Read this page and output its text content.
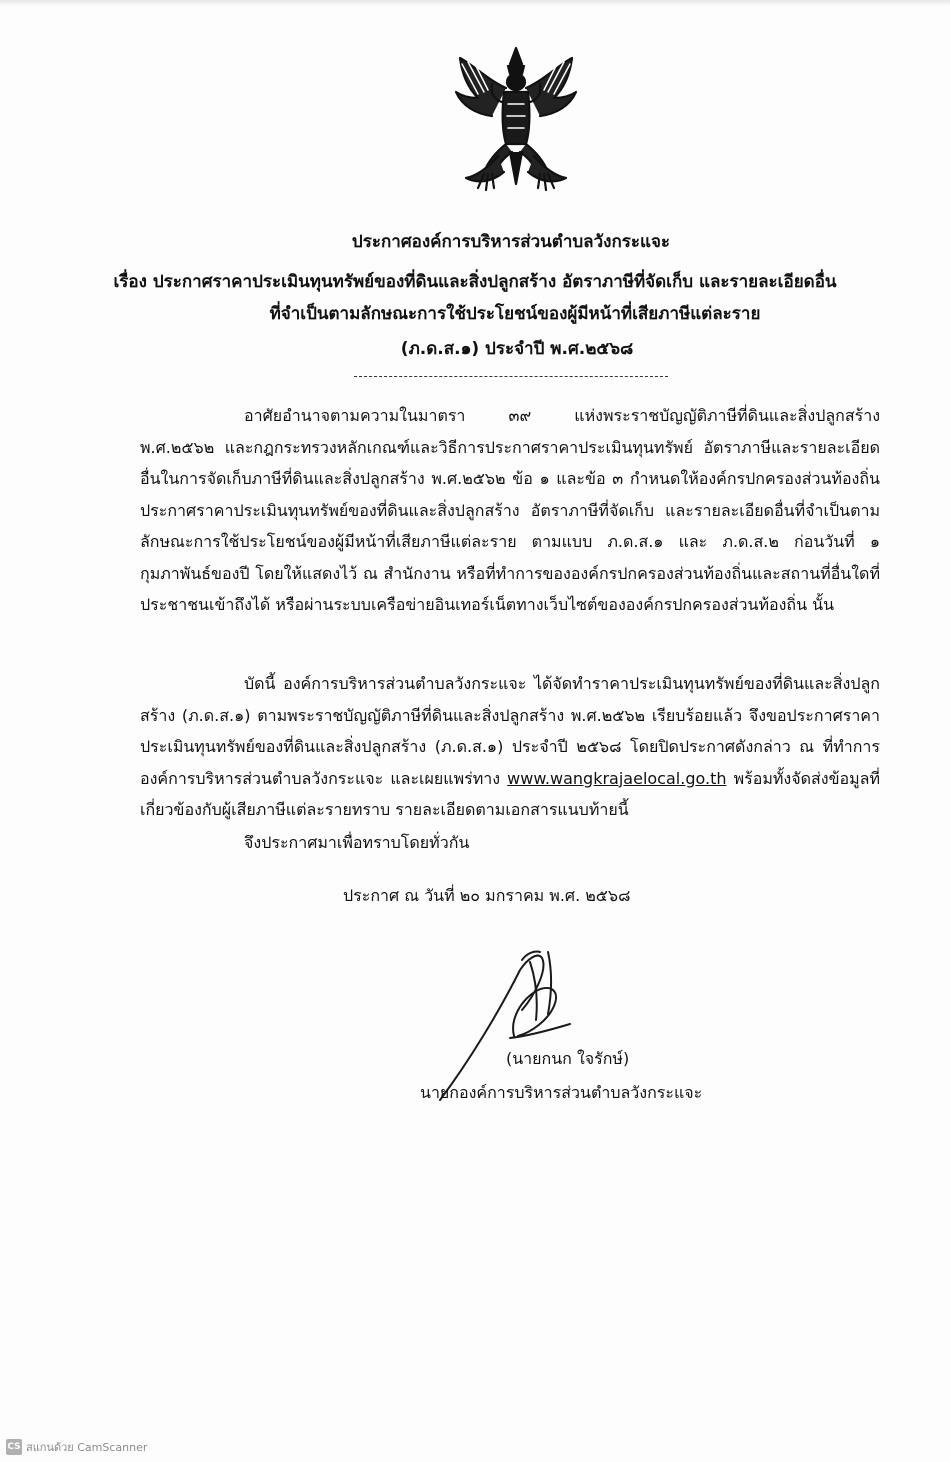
ประกาศองค์การบริหารส่วนตำบลวังกระแจะ
เรื่อง ประกาศราคาประเมินทุนทรัพย์ของที่ดินและสิ่งปลูกสร้าง อัตราภาษีที่จัดเก็บ และรายละเอียดอื่น
ที่จำเป็นตามลักษณะการใช้ประโยชน์ของผู้มีหน้าที่เสียภาษีแต่ละราย
(ภ.ด.ส.๑) ประจำปี พ.ศ.๒๕๖๘
อาศัยอำนาจตามความในมาตรา ๓๙ แห่งพระราชบัญญัติภาษีที่ดินและสิ่งปลูกสร้าง พ.ศ.๒๕๖๒ และกฎกระทรวงหลักเกณฑ์และวิธีการประกาศราคาประเมินทุนทรัพย์ อัตราภาษีและรายละเอียดอื่นในการจัดเก็บภาษีที่ดินและสิ่งปลูกสร้าง พ.ศ.๒๕๖๒ ข้อ ๑ และข้อ ๓ กำหนดให้องค์กรปกครองส่วนท้องถิ่น ประกาศราคาประเมินทุนทรัพย์ของที่ดินและสิ่งปลูกสร้าง อัตราภาษีที่จัดเก็บ และรายละเอียดอื่นที่จำเป็นตามลักษณะการใช้ประโยชน์ของผู้มีหน้าที่เสียภาษีแต่ละราย ตามแบบ ภ.ด.ส.๑ และ ภ.ด.ส.๒ ก่อนวันที่ ๑ กุมภาพันธ์ของปี โดยให้แสดงไว้ ณ สำนักงาน หรือที่ทำการขององค์กรปกครองส่วนท้องถิ่นและสถานที่อื่นใดที่ประชาชนเข้าถึงได้ หรือผ่านระบบเครือข่ายอินเทอร์เน็ตทางเว็บไซต์ขององค์กรปกครองส่วนท้องถิ่น นั้น
บัดนี้ องค์การบริหารส่วนตำบลวังกระแจะ ได้จัดทำราคาประเมินทุนทรัพย์ของที่ดินและสิ่งปลูกสร้าง (ภ.ด.ส.๑) ตามพระราชบัญญัติภาษีที่ดินและสิ่งปลูกสร้าง พ.ศ.๒๕๖๒ เรียบร้อยแล้ว จึงขอประกาศราคาประเมินทุนทรัพย์ของที่ดินและสิ่งปลูกสร้าง (ภ.ด.ส.๑) ประจำปี ๒๕๖๘ โดยปิดประกาศดังกล่าว ณ ที่ทำการองค์การบริหารส่วนตำบลวังกระแจะ และเผยแพร่ทาง www.wangkrajaelocal.go.th พร้อมทั้งจัดส่งข้อมูลที่เกี่ยวข้องกับผู้เสียภาษีแต่ละรายทราบ รายละเอียดตามเอกสารแนบท้ายนี้
จึงประกาศมาเพื่อทราบโดยทั่วกัน
ประกาศ ณ วันที่ ๒๐ มกราคม พ.ศ. ๒๕๖๘
(นายกนก ใจรักษ์)
นายกองค์การบริหารส่วนตำบลวังกระแจะ
CS สแกนด้วย CamScanner
